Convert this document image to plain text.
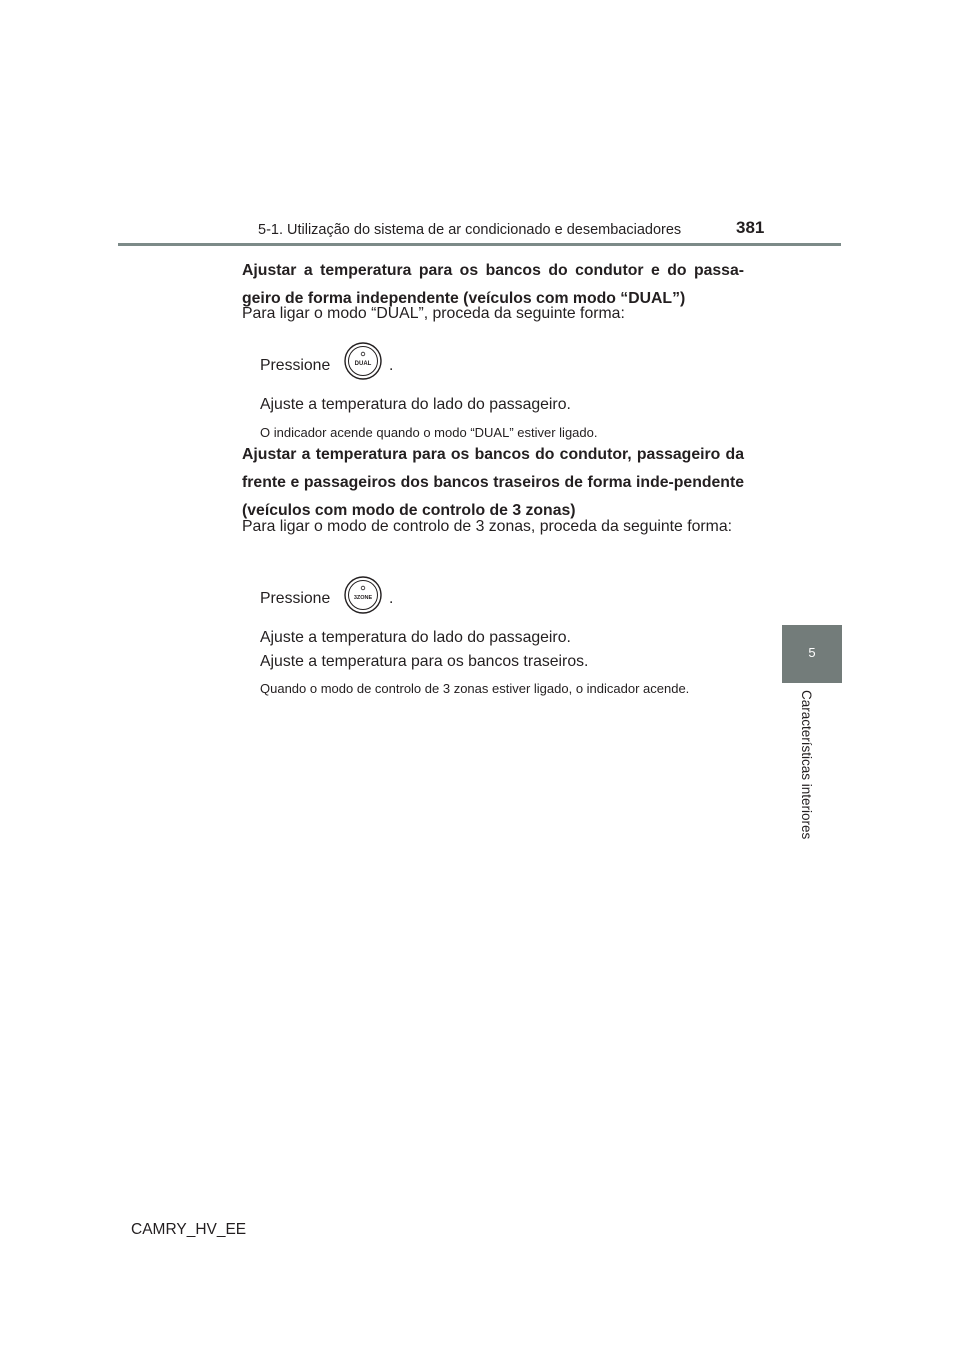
5-1. Utilização do sistema de ar condicionado e desembaciadores	381
5
Características interiores

Ajustar a temperatura para os bancos do condutor e do passa-geiro de forma independente (veículos com modo “DUAL”)

Para ligar o modo “DUAL”, proceda da seguinte forma:

Pressione	DUAL .
Ajuste a temperatura do lado do passageiro.

O indicador acende quando o modo “DUAL” estiver ligado.

Ajustar a temperatura para os bancos do condutor, passageiro da frente e passageiros dos bancos traseiros de forma inde-pendente (veículos com modo de controlo de 3 zonas)

Para ligar o modo de controlo de 3 zonas, proceda da seguinte forma:

Pressione	3ZONE .
Ajuste a temperatura do lado do passageiro.
Ajuste a temperatura para os bancos traseiros.

Quando o modo de controlo de 3 zonas estiver ligado, o indicador acende.

CAMRY_HV_EE
